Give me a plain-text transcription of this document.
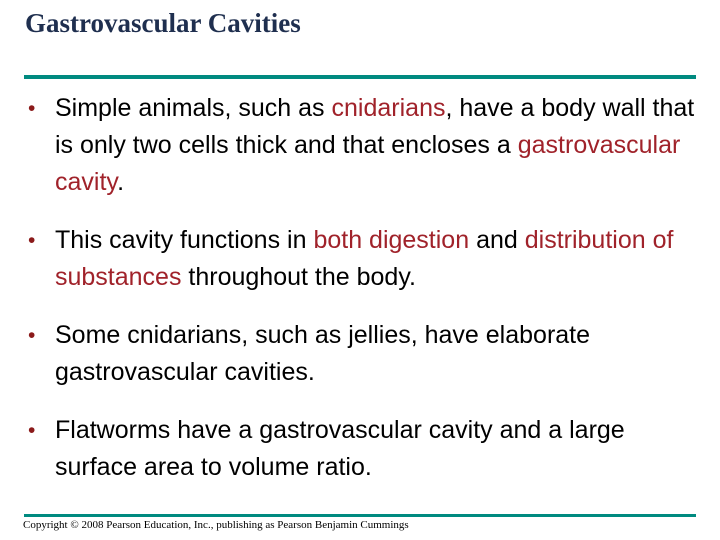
Gastrovascular Cavities
• Simple animals, such as cnidarians, have a body wall that is only two cells thick and that encloses a gastrovascular cavity.
• This cavity functions in both digestion and distribution of substances throughout the body.
• Some cnidarians, such as jellies, have elaborate gastrovascular cavities.
• Flatworms have a gastrovascular cavity and a large surface area to volume ratio.
Copyright © 2008 Pearson Education, Inc., publishing as Pearson Benjamin Cummings
